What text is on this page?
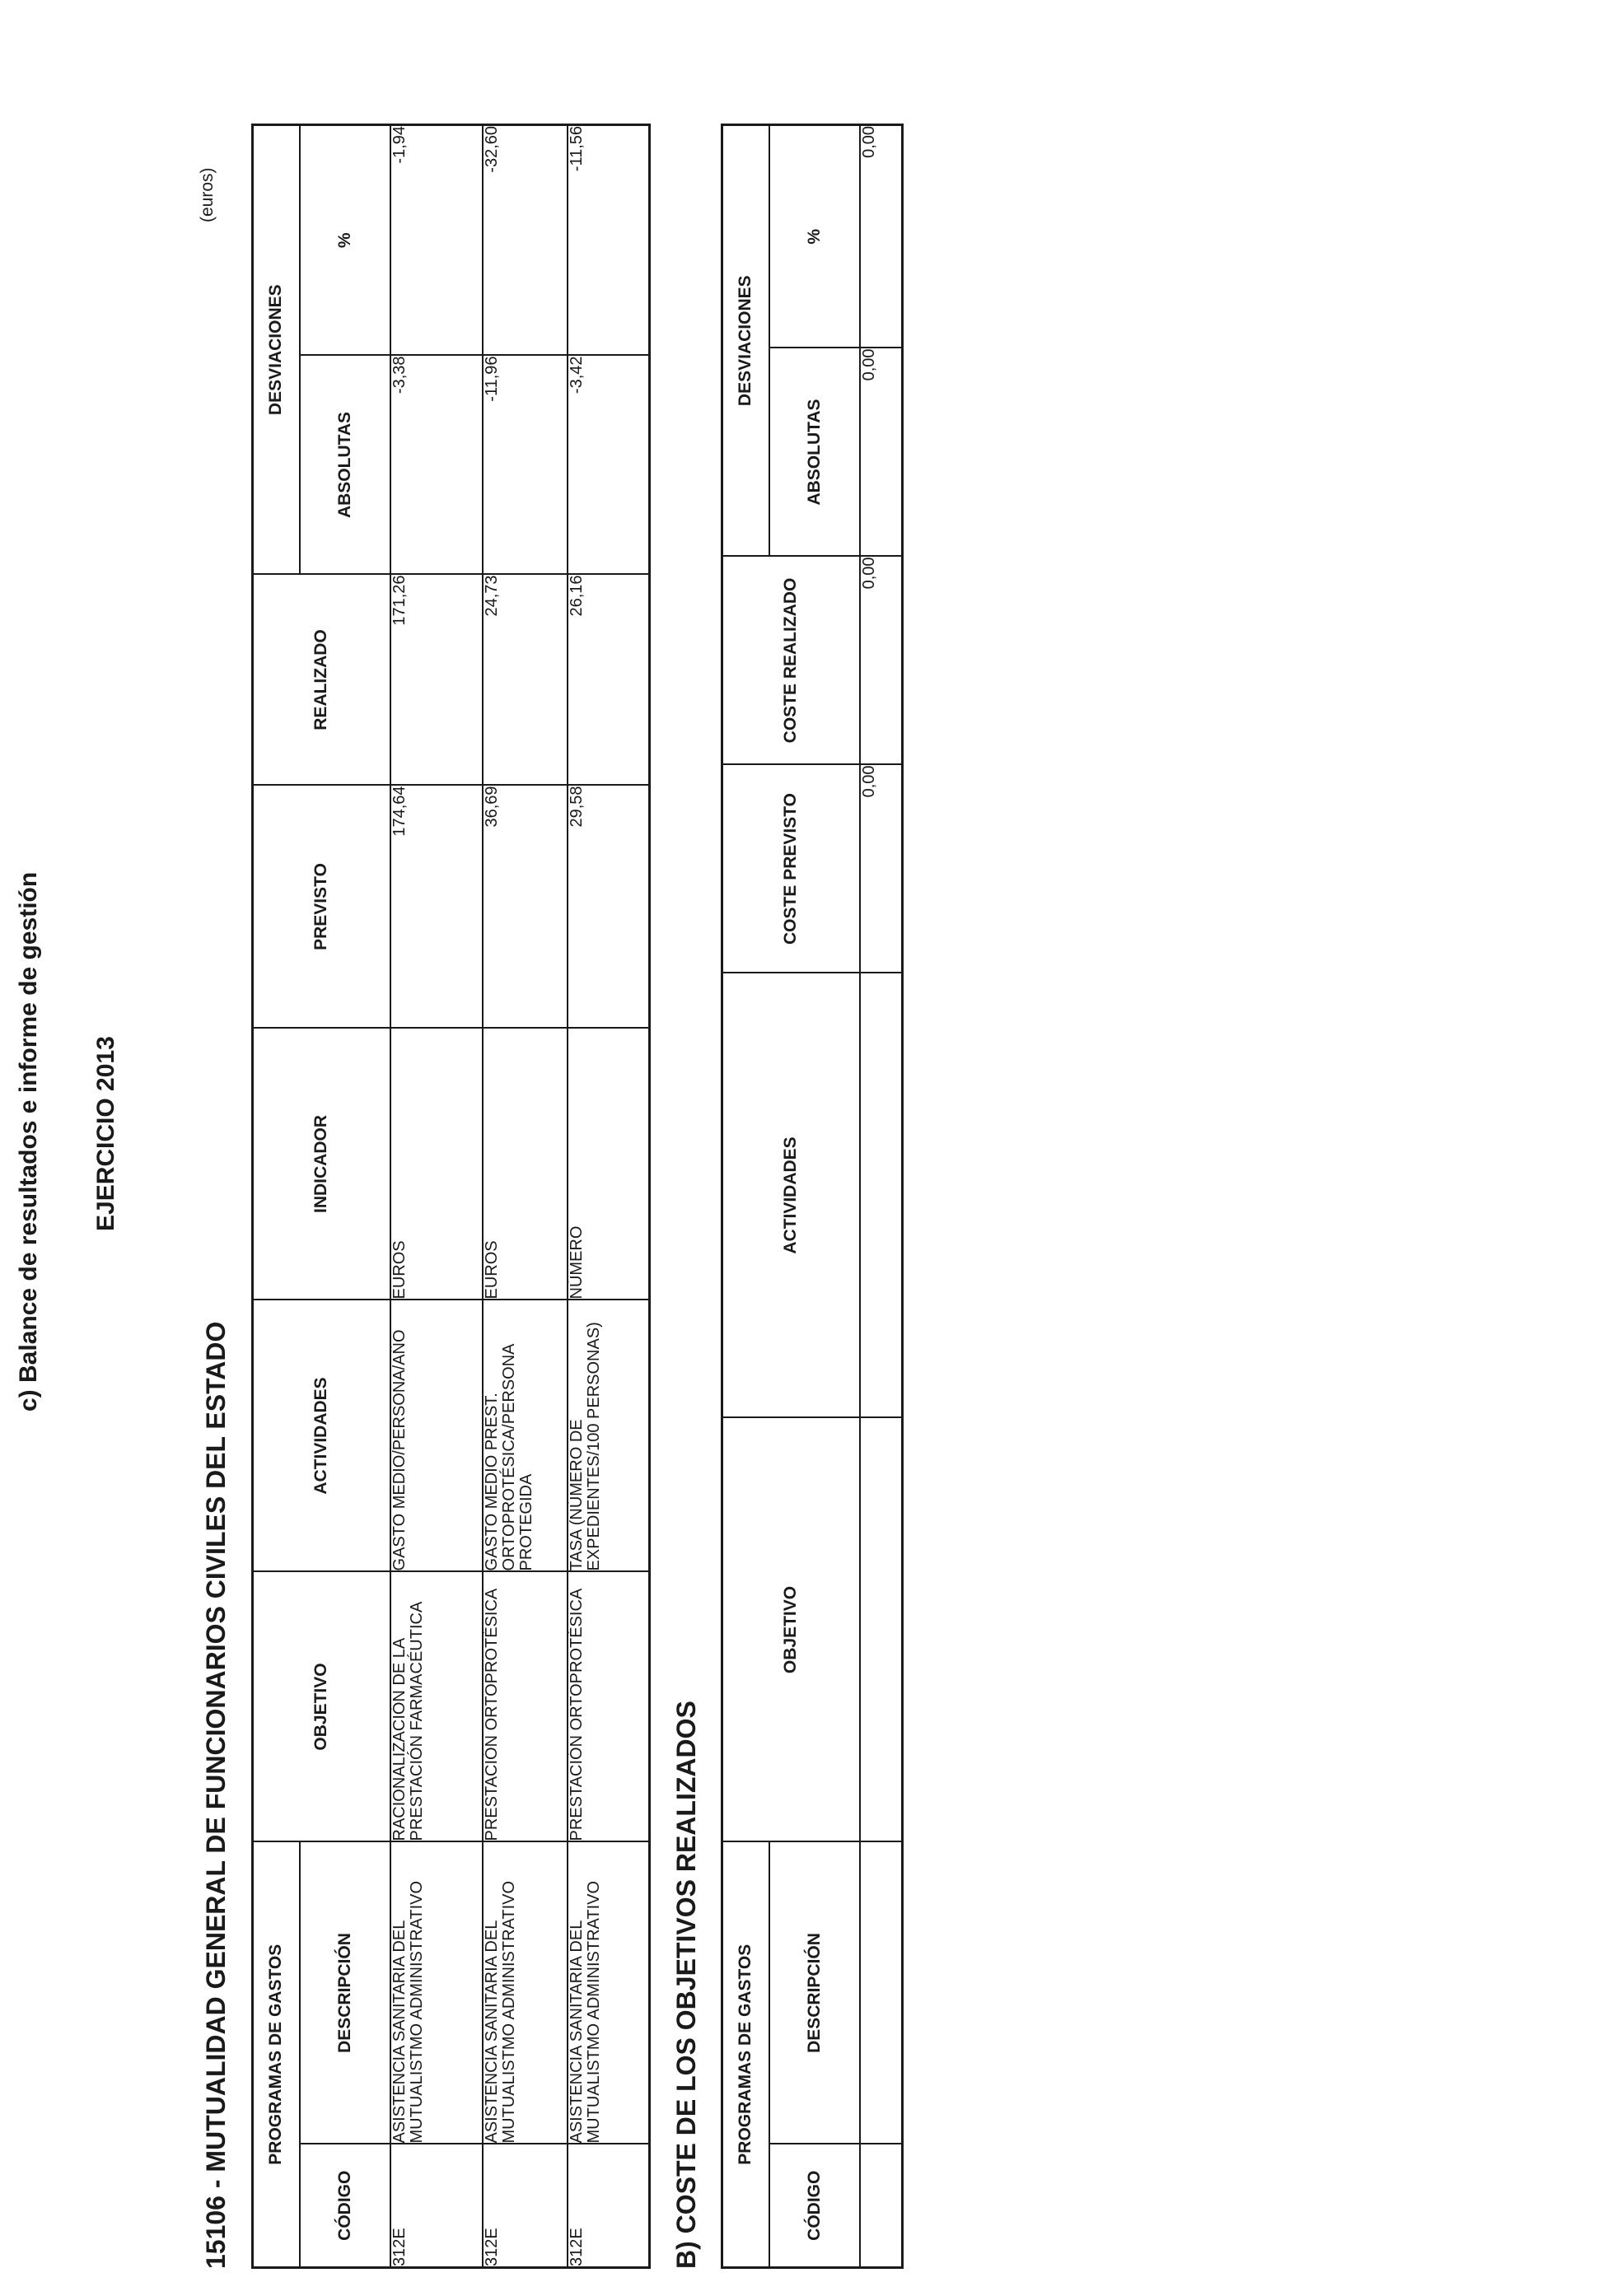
c) Balance de resultados e informe de gestión EJERCICIO 2013
(euros)
15106 - MUTUALIDAD GENERAL DE FUNCIONARIOS CIVILES DEL ESTADO PROGRAMAS DE GASTOS		OBJETIVO	ACTIVIDADES	INDICADOR	PREVISTO	REALIZADO	DESVIACIONES	
CÓDIGO	DESCRIPCIÓN						ABSOLUTAS	%
312E	ASISTENCIA SANITARIA DEL MUTUALISTMO ADMINISTRATIVO	RACIONALIZACIÓN DE LA PRESTACIÓN FARMACÉUTICA	GASTO MEDIO/PERSONA/AÑO	EUROS	174,64	171,26	-3,38	-1,94
312E	ASISTENCIA SANITARIA DEL MUTUALISTMO ADMINISTRATIVO	PRESTACIÓN ORTOPROTÉSICA	GASTO MEDIO PREST. ORTOPROTÉSICA/PERSONA PROTEGIDA	EUROS	36,69	24,73	-11,96	-32,60
312E	ASISTENCIA SANITARIA DEL MUTUALISTMO ADMINISTRATIVO	PRESTACIÓN ORTOPROTÉSICA	TASA (NÚMERO DE EXPEDIENTES/100 PERSONAS)	NÚMERO	29,58	26,16	-3,42	-11,56
B) COSTE DE LOS OBJETIVOS REALIZADOS PROGRAMAS DE GASTOS		OBJETIVO	ACTIVIDADES	COSTE PREVISTO	COSTE REALIZADO	DESVIACIONES	
CÓDIGO	DESCRIPCIÓN					ABSOLUTAS	%
				0,00	0,00	0,00	0,00
